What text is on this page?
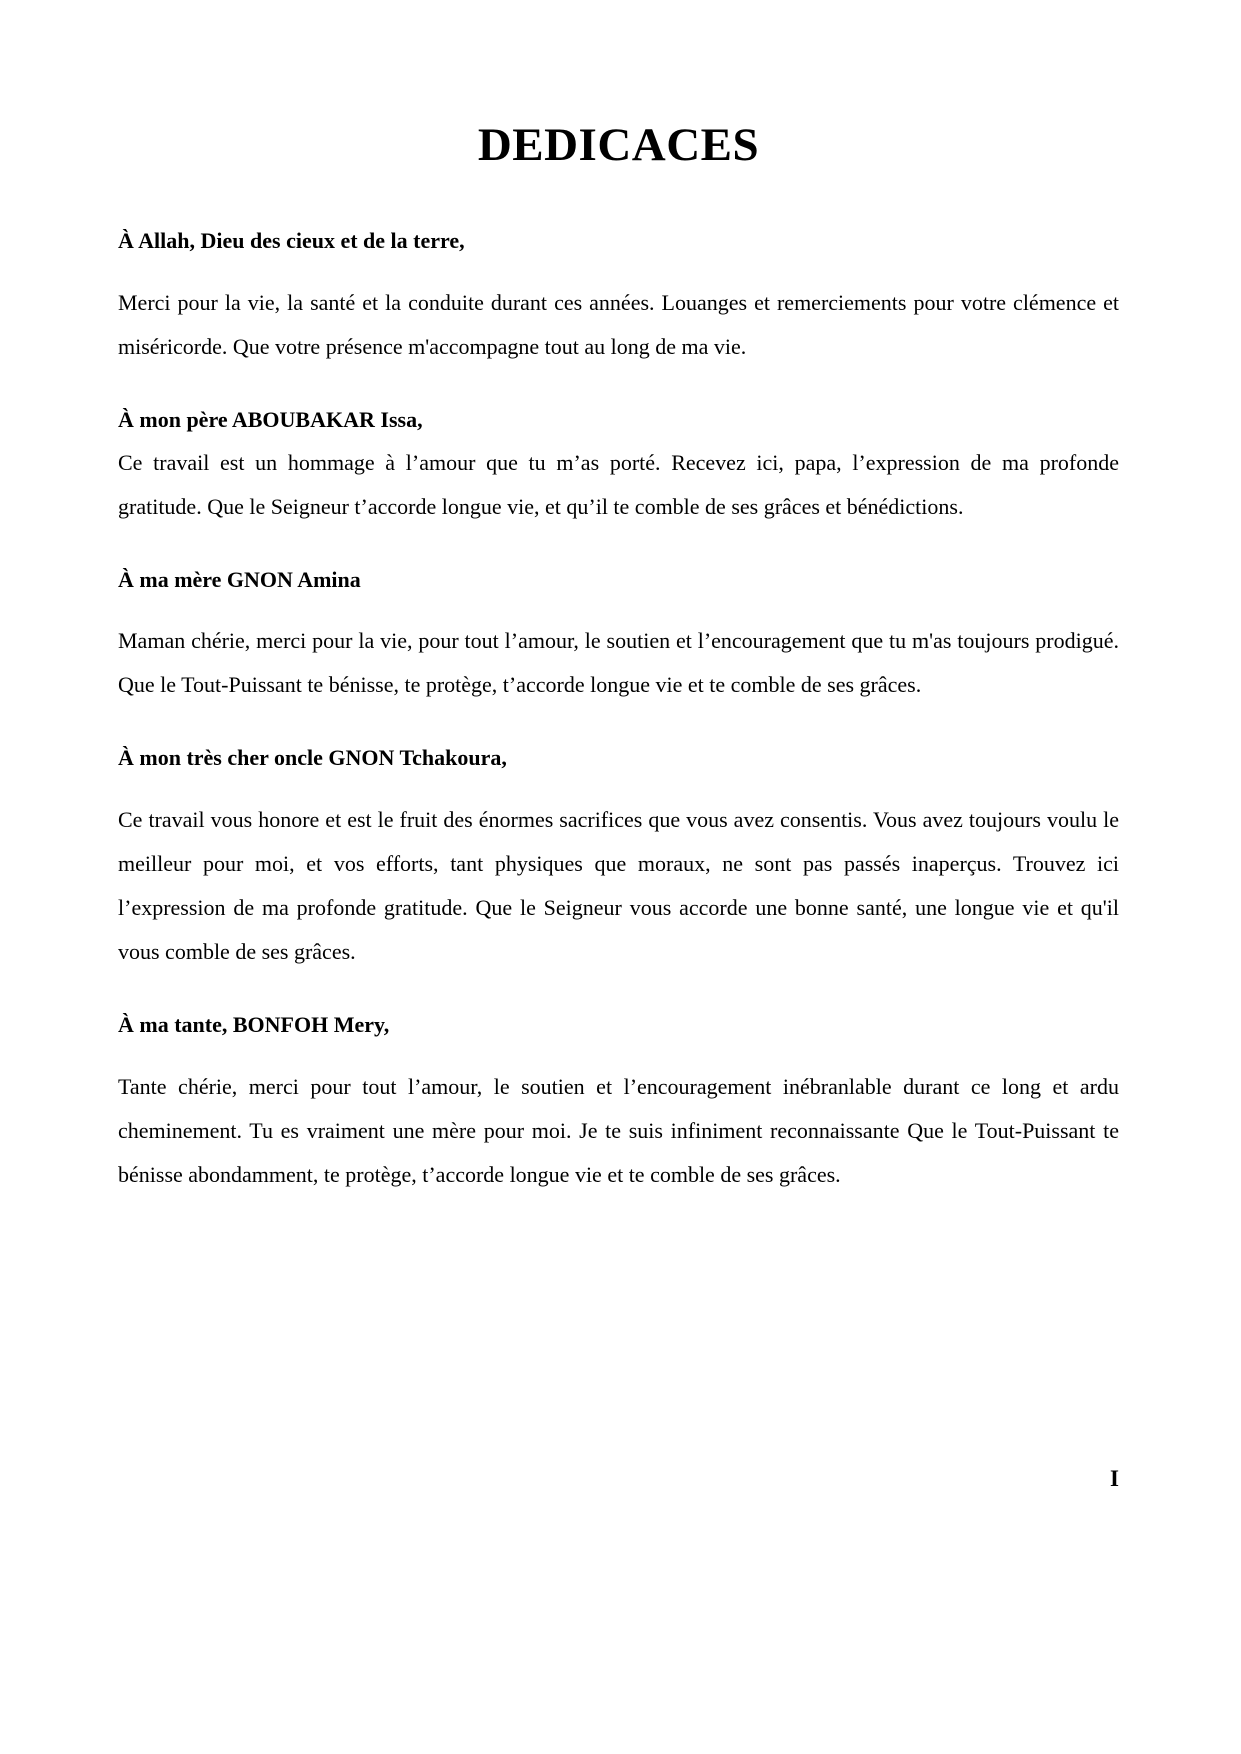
DEDICACES
À Allah, Dieu des cieux et de la terre,

Merci pour la vie, la santé et la conduite durant ces années. Louanges et remerciements pour votre clémence et miséricorde. Que votre présence m'accompagne tout au long de ma vie.

À mon père ABOUBAKAR Issa,

Ce travail est un hommage à l’amour que tu m’as porté. Recevez ici, papa, l’expression de ma profonde gratitude. Que le Seigneur t’accorde longue vie, et qu’il te comble de ses grâces et bénédictions.

À ma mère GNON Amina

Maman chérie, merci pour la vie, pour tout l’amour, le soutien et l’encouragement que tu m'as toujours prodigué. Que le Tout-Puissant te bénisse, te protège, t’accorde longue vie et te comble de ses grâces.

À mon très cher oncle GNON Tchakoura,

Ce travail vous honore et est le fruit des énormes sacrifices que vous avez consentis. Vous avez toujours voulu le meilleur pour moi, et vos efforts, tant physiques que moraux, ne sont pas passés inaperçus. Trouvez ici l’expression de ma profonde gratitude. Que le Seigneur vous accorde une bonne santé, une longue vie et qu'il vous comble de ses grâces.

À ma tante, BONFOH Mery,

Tante chérie, merci pour tout l’amour, le soutien et l’encouragement inébranlable durant ce long et ardu cheminement. Tu es vraiment une mère pour moi. Je te suis infiniment reconnaissante Que le Tout-Puissant te bénisse abondamment, te protège, t’accorde longue vie et te comble de ses grâces.

I
